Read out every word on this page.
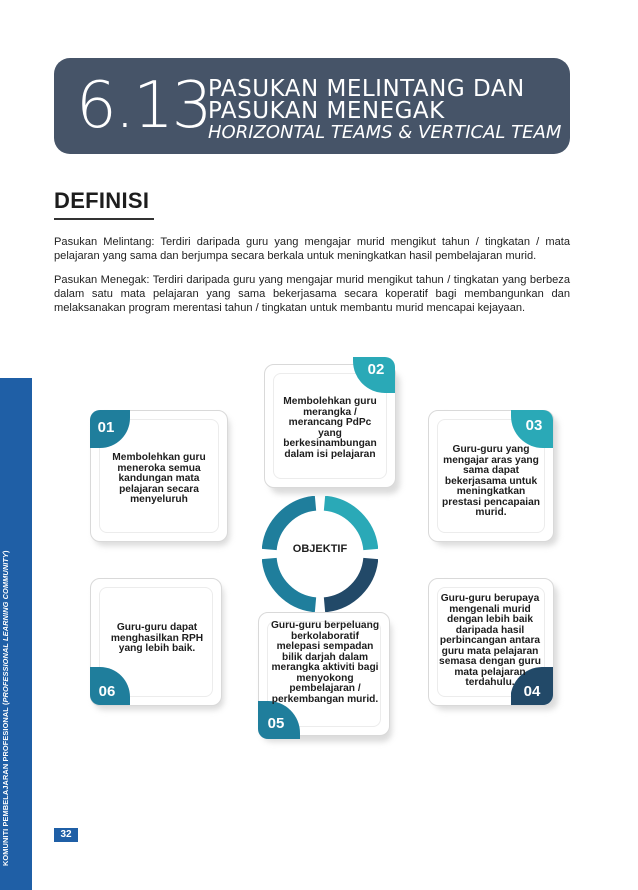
6.13
PASUKAN MELINTANG DAN
PASUKAN MENEGAK
HORIZONTAL TEAMS & VERTICAL TEAM
DEFINISI

Pasukan Melintang: Terdiri daripada guru yang mengajar murid mengikut tahun / tingkatan / mata pelajaran yang sama dan berjumpa secara berkala untuk meningkatkan hasil pembelajaran murid.

Pasukan Menegak: Terdiri daripada guru yang mengajar murid mengikut tahun / tingkatan yang berbeza dalam satu mata pelajaran yang sama bekerjasama secara koperatif bagi membangunkan dan melaksanakan program merentasi tahun / tingkatan untuk membantu murid mencapai kejayaan.

01

Membolehkan guru meneroka semua kandungan mata pelajaran secara menyeluruh

02

Membolehkan guru merangka / merancang PdPc yang berkesinambungan dalam isi pelajaran

03

Guru-guru yang mengajar aras yang sama dapat bekerjasama untuk meningkatkan prestasi pencapaian murid.

06

Guru-guru dapat menghasilkan RPH yang lebih baik.

05

Guru-guru berpeluang berkolaboratif melepasi sempadan bilik darjah dalam merangka aktiviti bagi menyokong pembelajaran / perkembangan murid.	04

Guru-guru berupaya mengenali murid dengan lebih baik daripada hasil perbincangan antara guru mata pelajaran semasa dengan guru mata pelajaran terdahulu.

OBJEKTIF
KOMUNITI PEMBELAJARAN PROFESIONAL (PROFESSIONAL LEARNING COMMUNITY)
32
